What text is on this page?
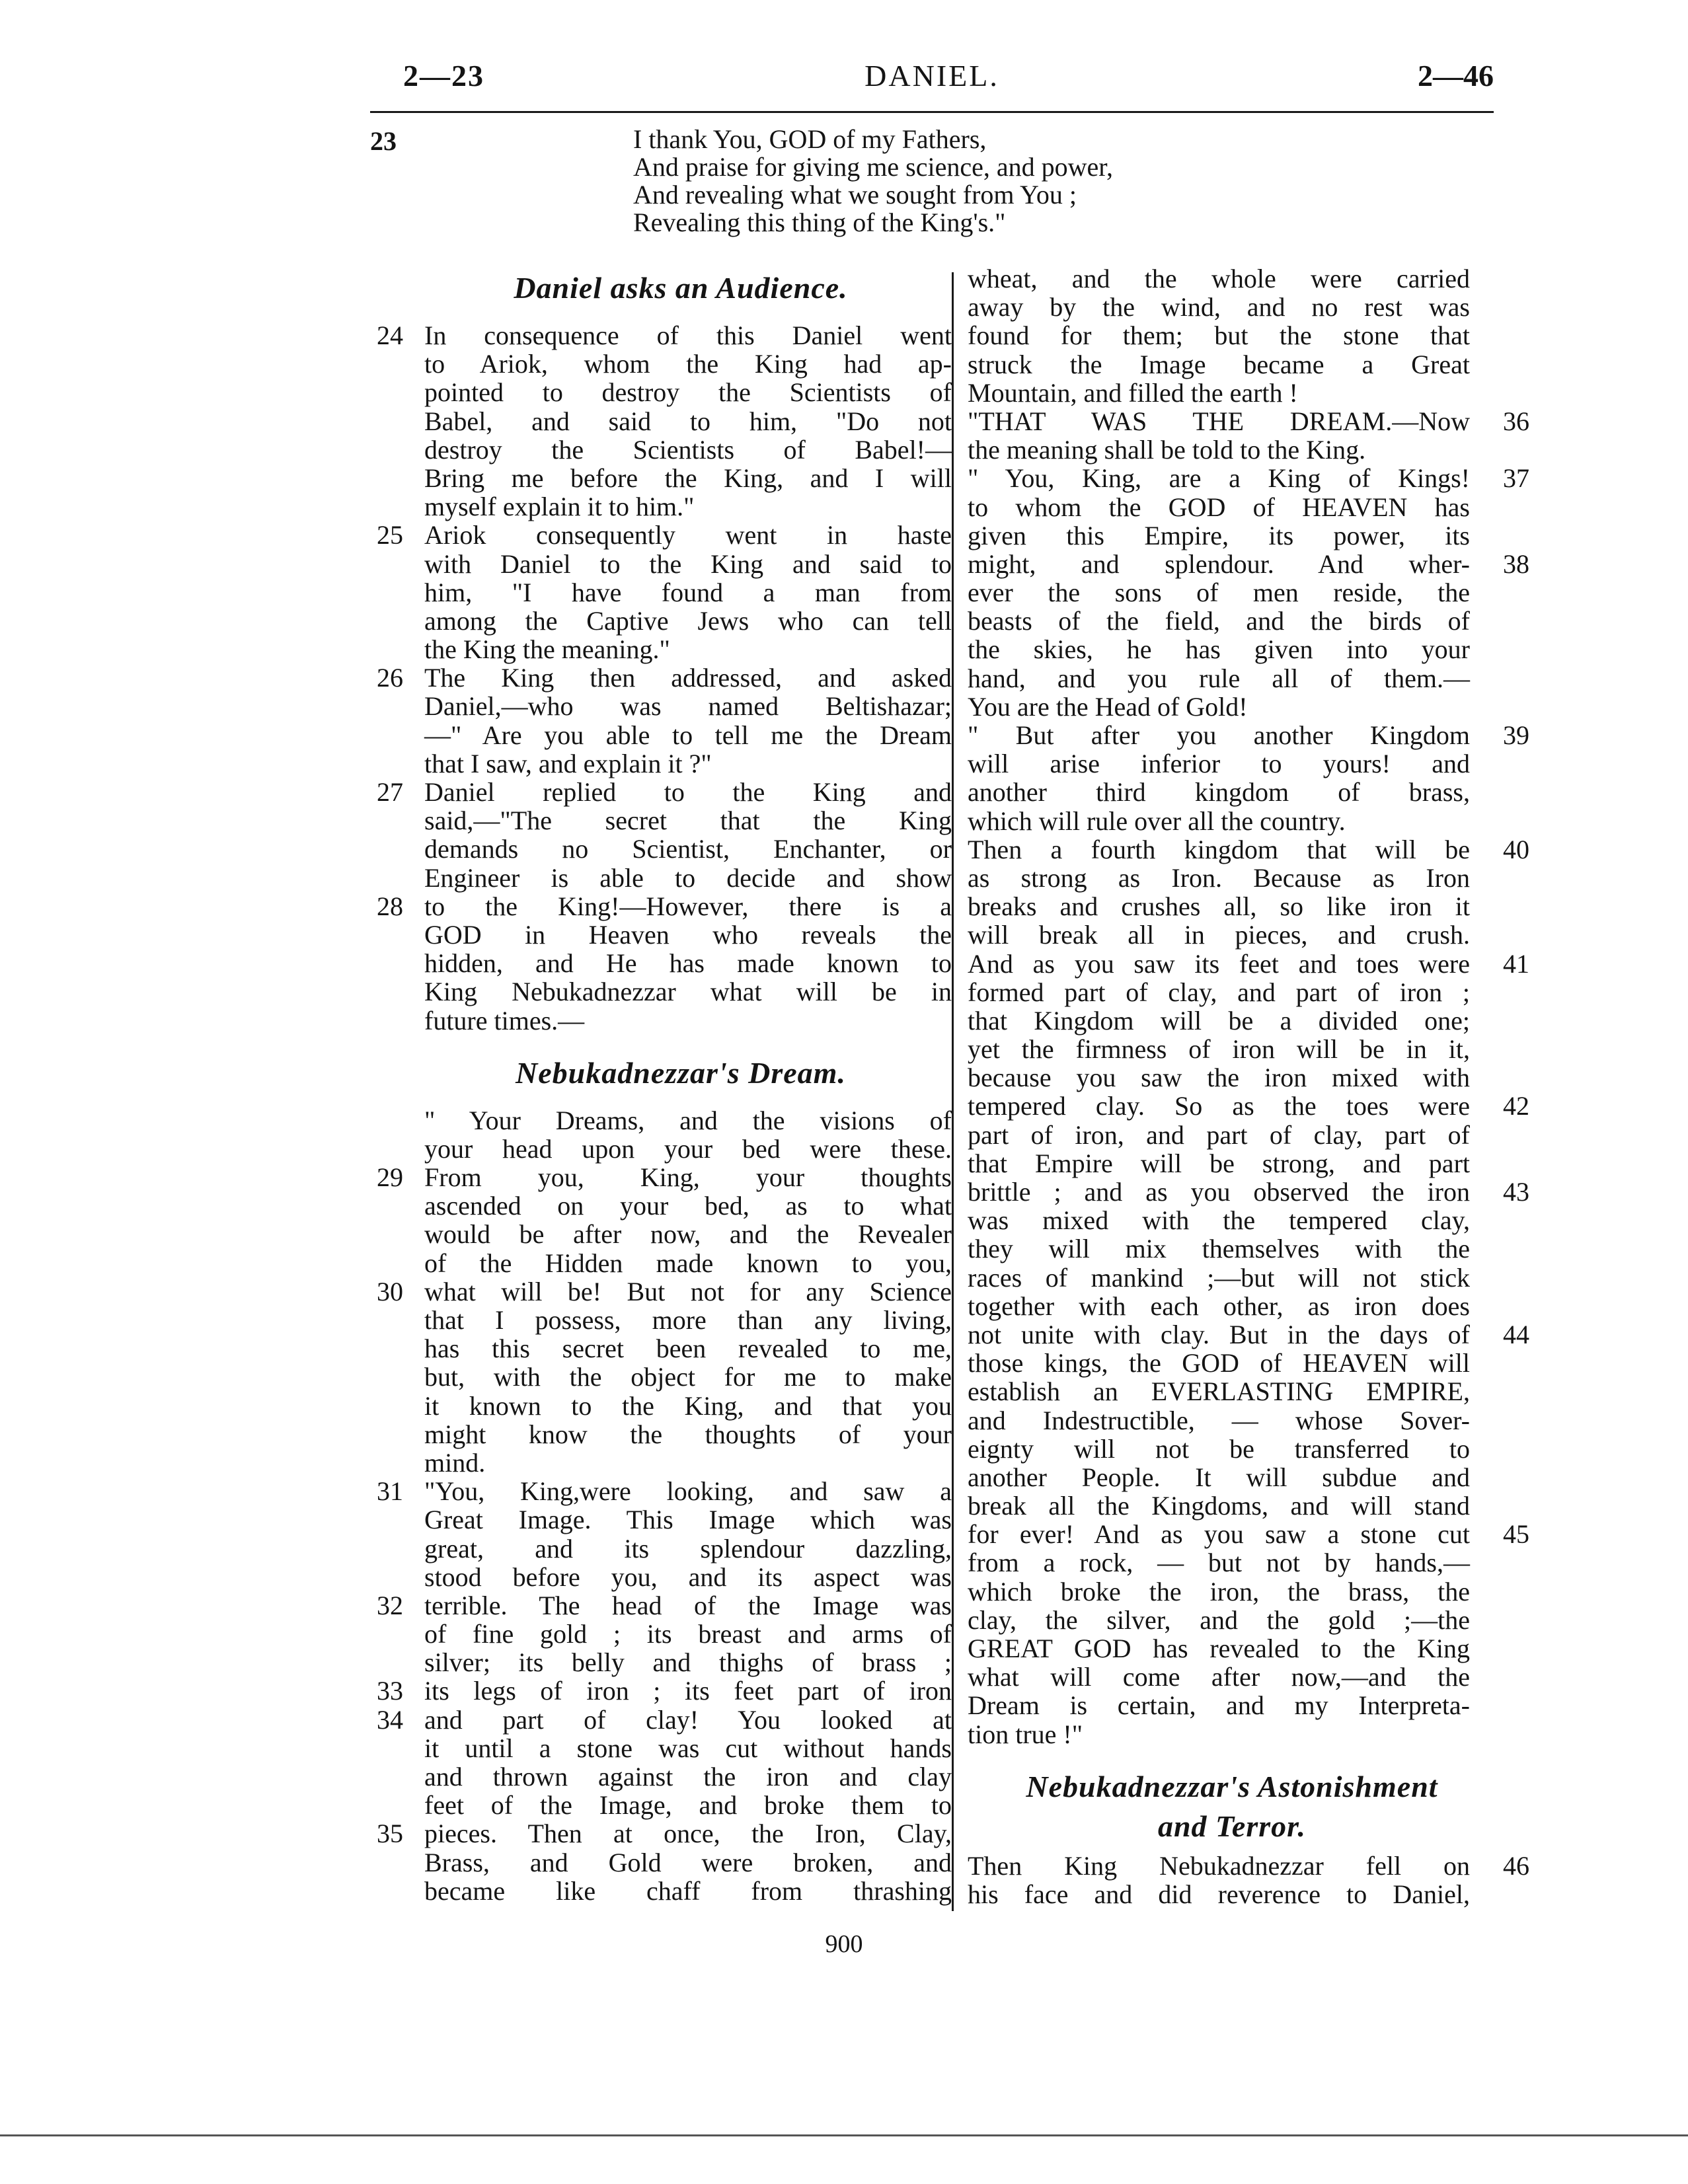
2—23	DANIEL.	2—46
23	I thank You, GOD of my Fathers,
And praise for giving me science, and power,
And revealing what we sought from You ;
Revealing this thing of the King's."
Daniel asks an Audience.
24 In consequence of this Daniel went
to Ariok, whom the King had ap-
pointed to destroy the Scientists of
Babel, and said to him, "Do not
destroy the Scientists of Babel!—
Bring me before the King, and I will
myself explain it to him."
25 Ariok consequently went in haste
with Daniel to the King and said to
him, "I have found a man from
among the Captive Jews who can tell
the King the meaning."
26 The King then addressed, and asked
Daniel,—who was named Beltishazar;
—" Are you able to tell me the Dream
that I saw, and explain it ?"
27 Daniel replied to the King and
said,—"The secret that the King
demands no Scientist, Enchanter, or
Engineer is able to decide and show
28 to the King!—However, there is a
GOD in Heaven who reveals the
hidden, and He has made known to
King Nebukadnezzar what will be in
future times.—
Nebukadnezzar's Dream.
" Your Dreams, and the visions of
your head upon your bed were these.
29 From you, King, your thoughts
ascended on your bed, as to what
would be after now, and the Revealer
of the Hidden made known to you,
30 what will be! But not for any Science
that I possess, more than any living,
has this secret been revealed to me,
but, with the object for me to make
it known to the King, and that you
might know the thoughts of your
mind.
31 "You, King,were looking, and saw a
Great Image. This Image which was
great, and its splendour dazzling,
stood before you, and its aspect was
32 terrible. The head of the Image was
of fine gold ; its breast and arms of
silver; its belly and thighs of brass ;
33 its legs of iron ; its feet part of iron
34 and part of clay! You looked at
it until a stone was cut without hands
and thrown against the iron and clay
feet of the Image, and broke them to
35 pieces. Then at once, the Iron, Clay,
Brass, and Gold were broken, and
became like chaff from thrashing
wheat, and the whole were carried
away by the wind, and no rest was
found for them; but the stone that
struck the Image became a Great
Mountain, and filled the earth !
36
"THAT WAS THE DREAM.—Now
the meaning shall be told to the King.
37
" You, King, are a King of Kings!
to whom the GOD of HEAVEN has
given this Empire, its power, its
38
might, and splendour. And wher-
ever the sons of men reside, the
beasts of the field, and the birds of
the skies, he has given into your
hand, and you rule all of them.—
You are the Head of Gold!
39
" But after you another Kingdom
will arise inferior to yours! and
another third kingdom of brass,
which will rule over all the country.
40
Then a fourth kingdom that will be
as strong as Iron. Because as Iron
breaks and crushes all, so like iron it
will break all in pieces, and crush.
41
And as you saw its feet and toes were
formed part of clay, and part of iron ;
that Kingdom will be a divided one;
yet the firmness of iron will be in it,
because you saw the iron mixed with
42
tempered clay. So as the toes were
part of iron, and part of clay, part of
that Empire will be strong, and part
43
brittle ; and as you observed the iron
was mixed with the tempered clay,
they will mix themselves with the
races of mankind ;—but will not stick
together with each other, as iron does
44
not unite with clay. But in the days of
those kings, the GOD of HEAVEN will
establish an EVERLASTING EMPIRE,
and Indestructible, — whose Sover-
eignty will not be transferred to
another People. It will subdue and
break all the Kingdoms, and will stand
45
for ever! And as you saw a stone cut
from a rock, — but not by hands,—
which broke the iron, the brass, the
clay, the silver, and the gold ;—the
GREAT GOD has revealed to the King
what will come after now,—and the
Dream is certain, and my Interpreta-
tion true !"
Nebukadnezzar's Astonishment
and Terror.
46
Then King Nebukadnezzar fell on
his face and did reverence to Daniel,
900
